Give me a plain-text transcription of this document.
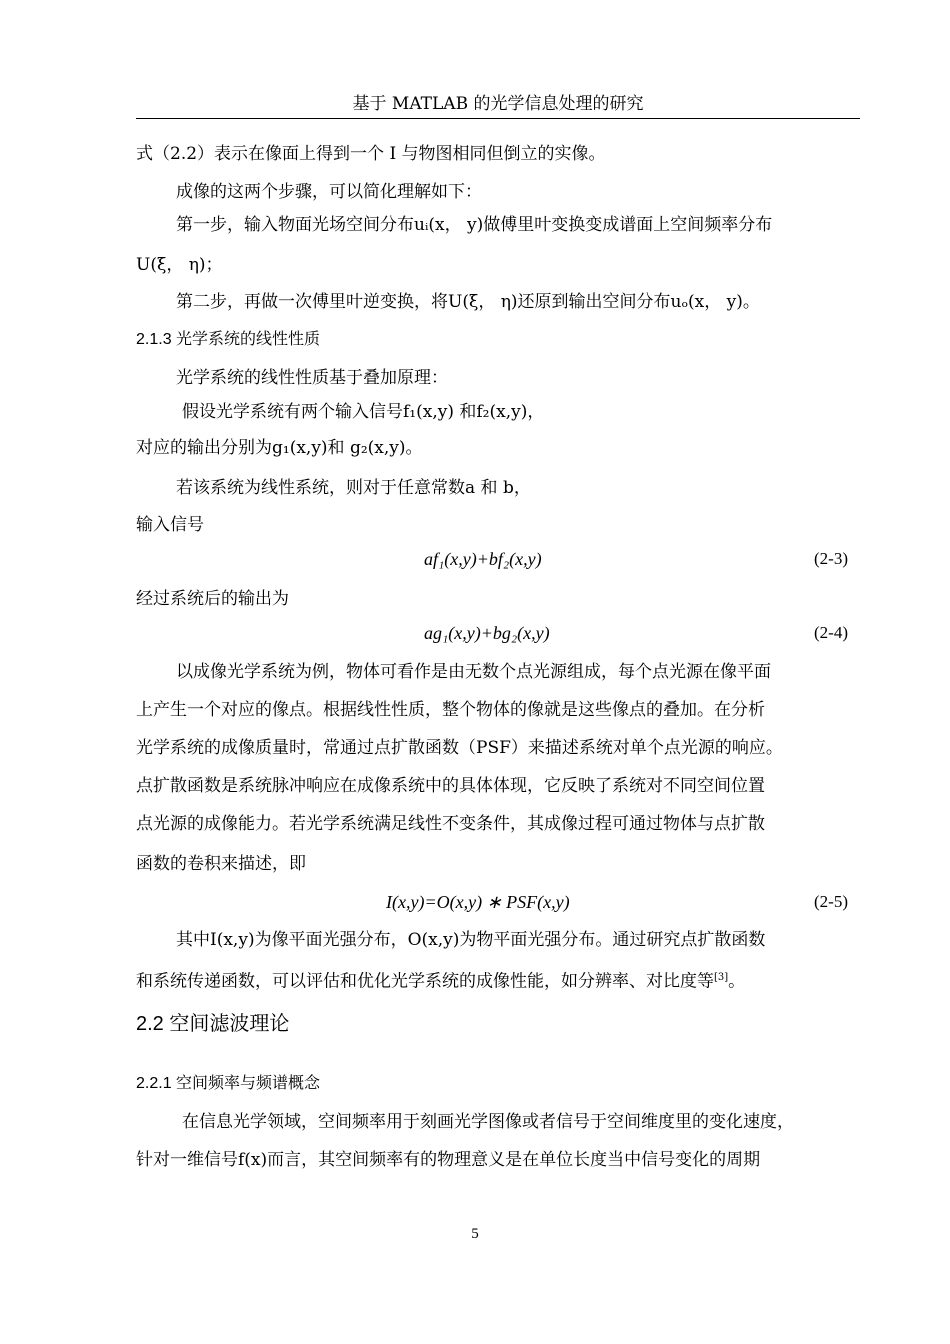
基于 MATLAB 的光学信息处理的研究
式（2.2）表示在像面上得到一个 I 与物图相同但倒立的实像。
成像的这两个步骤，可以简化理解如下：
第一步，输入物面光场空间分布uᵢ(x， y)做傅里叶变换变成谱面上空间频率分布
U(ξ， η)；
第二步，再做一次傅里叶逆变换，将U(ξ， η)还原到输出空间分布uₒ(x， y)。
2.1.3 光学系统的线性性质
光学系统的线性性质基于叠加原理：
假设光学系统有两个输入信号f₁(x,y) 和f₂(x,y)，
对应的输出分别为g₁(x,y)和 g₂(x,y)。
若该系统为线性系统，则对于任意常数a 和 b，
输入信号
af₁(x,y)+bf₂(x,y)	(2-3)
经过系统后的输出为
ag₁(x,y)+bg₂(x,y)	(2-4)
以成像光学系统为例，物体可看作是由无数个点光源组成，每个点光源在像平面
上产生一个对应的像点。根据线性性质，整个物体的像就是这些像点的叠加。在分析
光学系统的成像质量时，常通过点扩散函数（PSF）来描述系统对单个点光源的响应。
点扩散函数是系统脉冲响应在成像系统中的具体体现，它反映了系统对不同空间位置
点光源的成像能力。若光学系统满足线性不变条件，其成像过程可通过物体与点扩散
函数的卷积来描述，即
I(x,y)=O(x,y) ∗ PSF(x,y)	(2-5)
其中I(x,y)为像平面光强分布，O(x,y)为物平面光强分布。通过研究点扩散函数
和系统传递函数，可以评估和优化光学系统的成像性能，如分辨率、对比度等[3]。
2.2 空间滤波理论
2.2.1 空间频率与频谱概念
在信息光学领域，空间频率用于刻画光学图像或者信号于空间维度里的变化速度，
针对一维信号f(x)而言，其空间频率有的物理意义是在单位长度当中信号变化的周期
5
